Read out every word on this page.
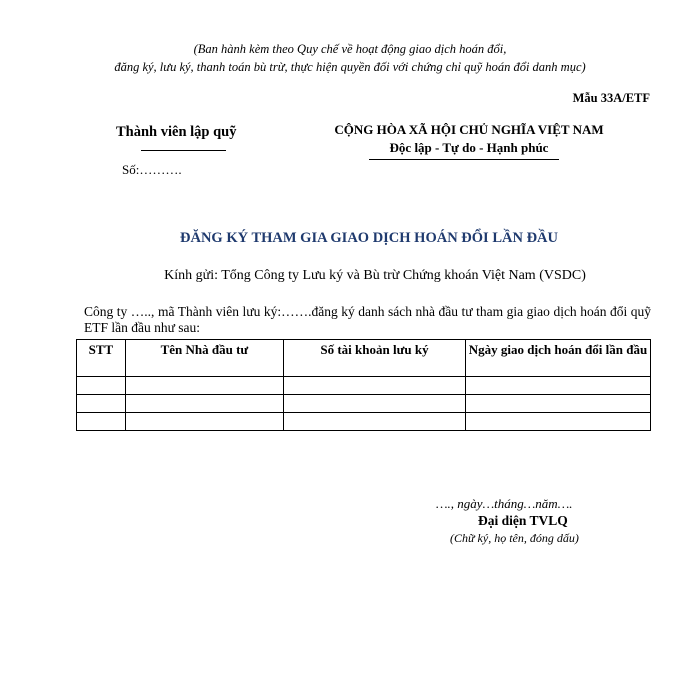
(Ban hành kèm theo Quy chế về hoạt động giao dịch hoán đổi,
đăng ký, lưu ký, thanh toán bù trừ, thực hiện quyền đối với chứng chỉ quỹ hoán đổi danh mục)
Mẫu 33A/ETF
Thành viên lập quỹ
Số:……….
CỘNG HÒA XÃ HỘI CHỦ NGHĨA VIỆT NAM
Độc lập - Tự do - Hạnh phúc
ĐĂNG KÝ THAM GIA GIAO DỊCH HOÁN ĐỔI LẦN ĐẦU
Kính gửi: Tổng Công ty Lưu ký và Bù trừ Chứng khoán Việt Nam (VSDC)
Công ty ….., mã Thành viên lưu ký:…….đăng ký danh sách nhà đầu tư tham gia giao dịch hoán đổi quỹ ETF lần đầu như sau:
STT	Tên Nhà đầu tư	Số tài khoản lưu ký	Ngày giao dịch hoán đổi lần đầu

…., ngày…tháng…năm….
Đại diện TVLQ
(Chữ ký, họ tên, đóng dấu)
